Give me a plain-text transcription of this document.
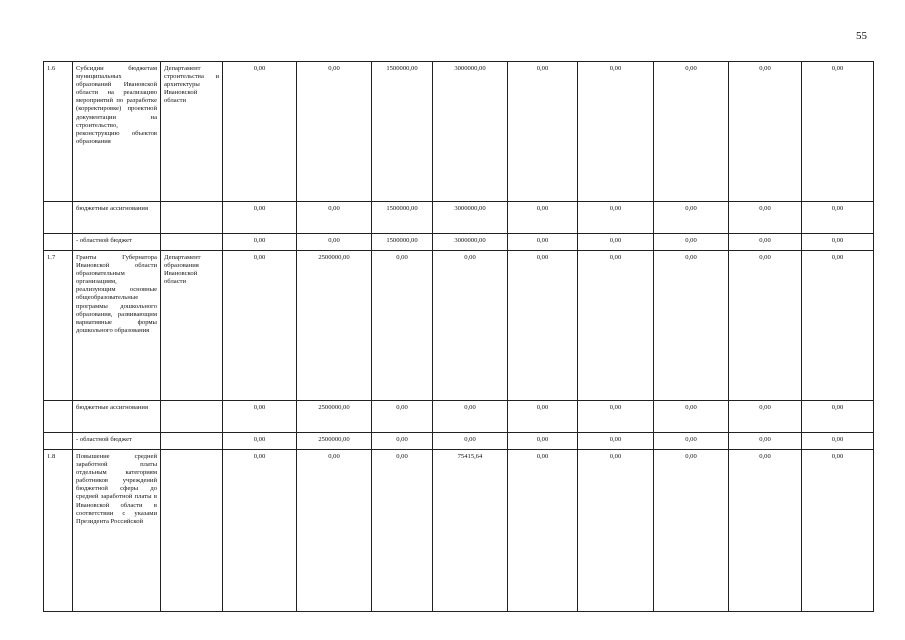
55
1.6	Субсидии бюджетам муниципальных образований Ивановской области на реализацию мероприятий по разработке (корректировке) проектной документации на строительство, реконструкцию объектов образования	Департамент строительства и архитектуры Ивановской области	0,00	0,00	1500000,00	3000000,00	0,00	0,00	0,00	0,00	0,00
	бюджетные ассигнования		0,00	0,00	1500000,00	3000000,00	0,00	0,00	0,00	0,00	0,00
	- областной бюджет		0,00	0,00	1500000,00	3000000,00	0,00	0,00	0,00	0,00	0,00
1.7	Гранты Губернатора Ивановской области образовательным организациям, реализующим основные общеобразовательные программы дошкольного образования, развивающим вариативные формы дошкольного образования	Департамент образования Ивановской области	0,00	2500000,00	0,00	0,00	0,00	0,00	0,00	0,00	0,00
	бюджетные ассигнования		0,00	2500000,00	0,00	0,00	0,00	0,00	0,00	0,00	0,00
	- областной бюджет		0,00	2500000,00	0,00	0,00	0,00	0,00	0,00	0,00	0,00
1.8	Повышение средней заработной платы отдельным категориям работников учреждений бюджетной сферы до средней заработной платы в Ивановской области в соответствии с указами Президента Российской		0,00	0,00	0,00	75415,64	0,00	0,00	0,00	0,00	0,00
